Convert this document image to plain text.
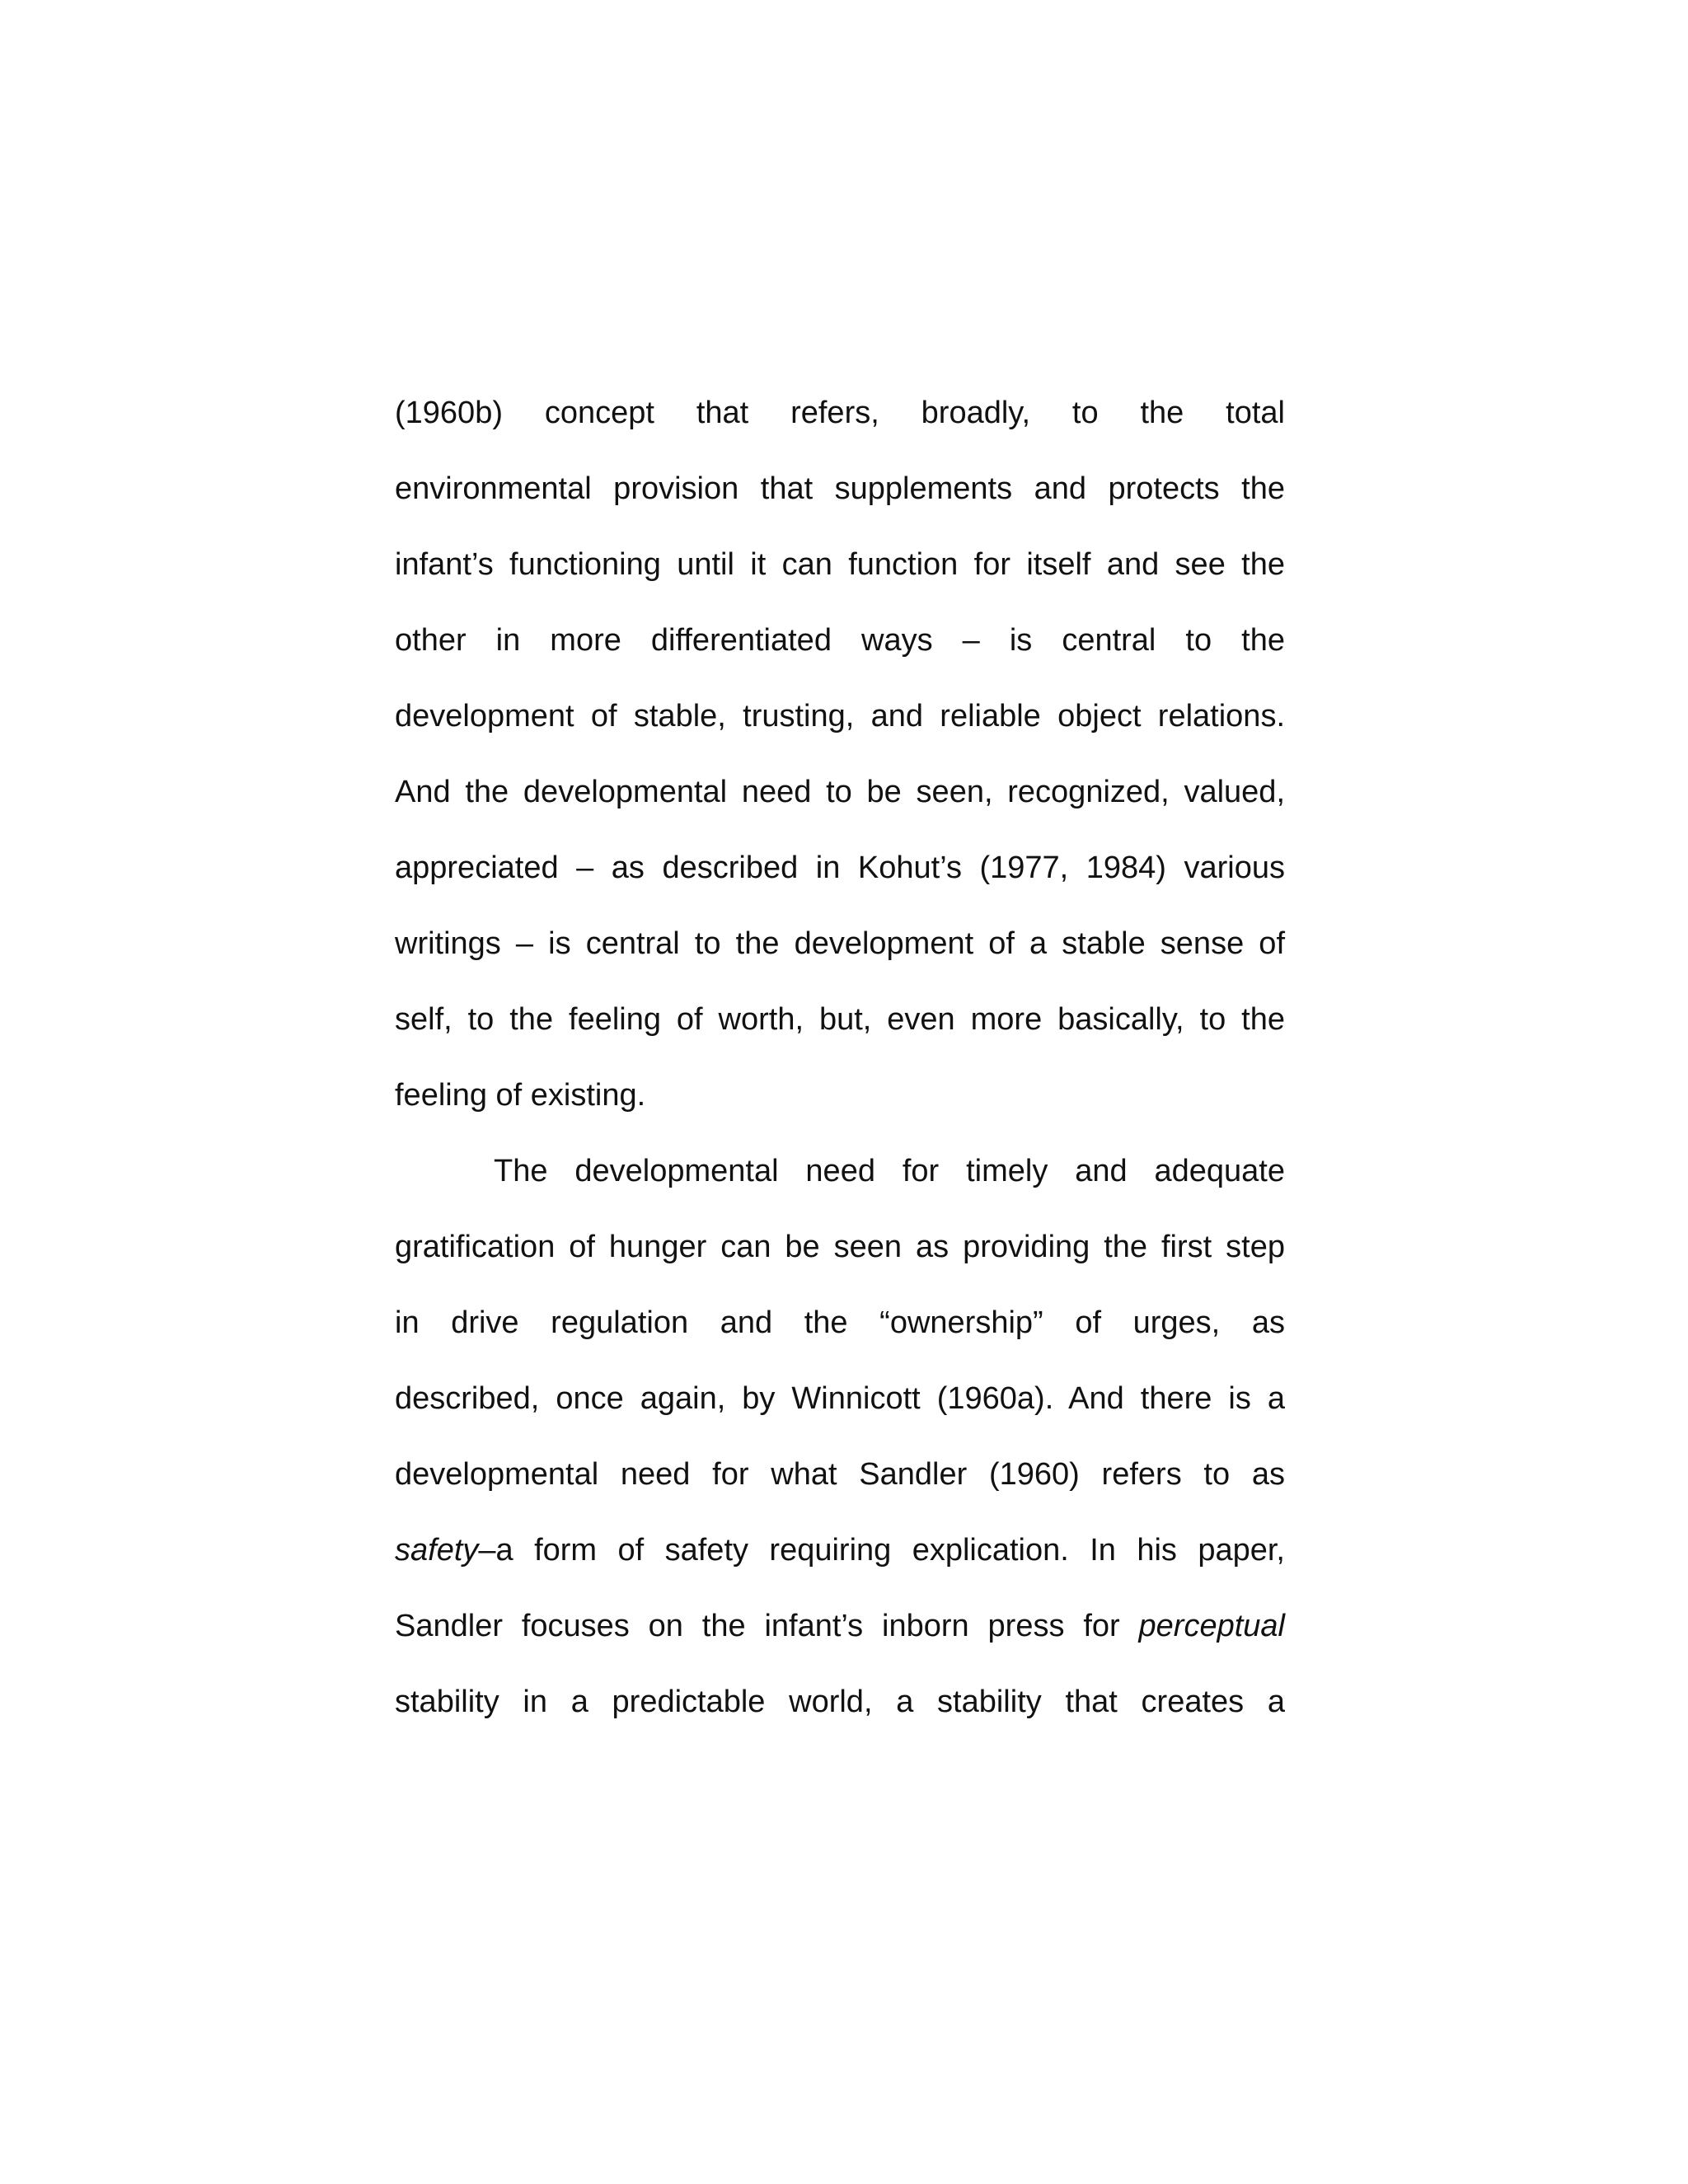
(1960b) concept that refers, broadly, to the total
environmental provision that supplements and protects the
infant’s functioning until it can function for itself and see the
other in more differentiated ways – is central to the
development of stable, trusting, and reliable object relations.
And the developmental need to be seen, recognized, valued,
appreciated – as described in Kohut’s (1977, 1984) various
writings – is central to the development of a stable sense of
self, to the feeling of worth, but, even more basically, to the
feeling of existing.
The developmental need for timely and adequate
gratification of hunger can be seen as providing the first step
in drive regulation and the “ownership” of urges, as
described, once again, by Winnicott (1960a). And there is a
developmental need for what Sandler (1960) refers to as
safety–a form of safety requiring explication. In his paper,
Sandler focuses on the infant’s inborn press for perceptual
stability in a predictable world, a stability that creates a
